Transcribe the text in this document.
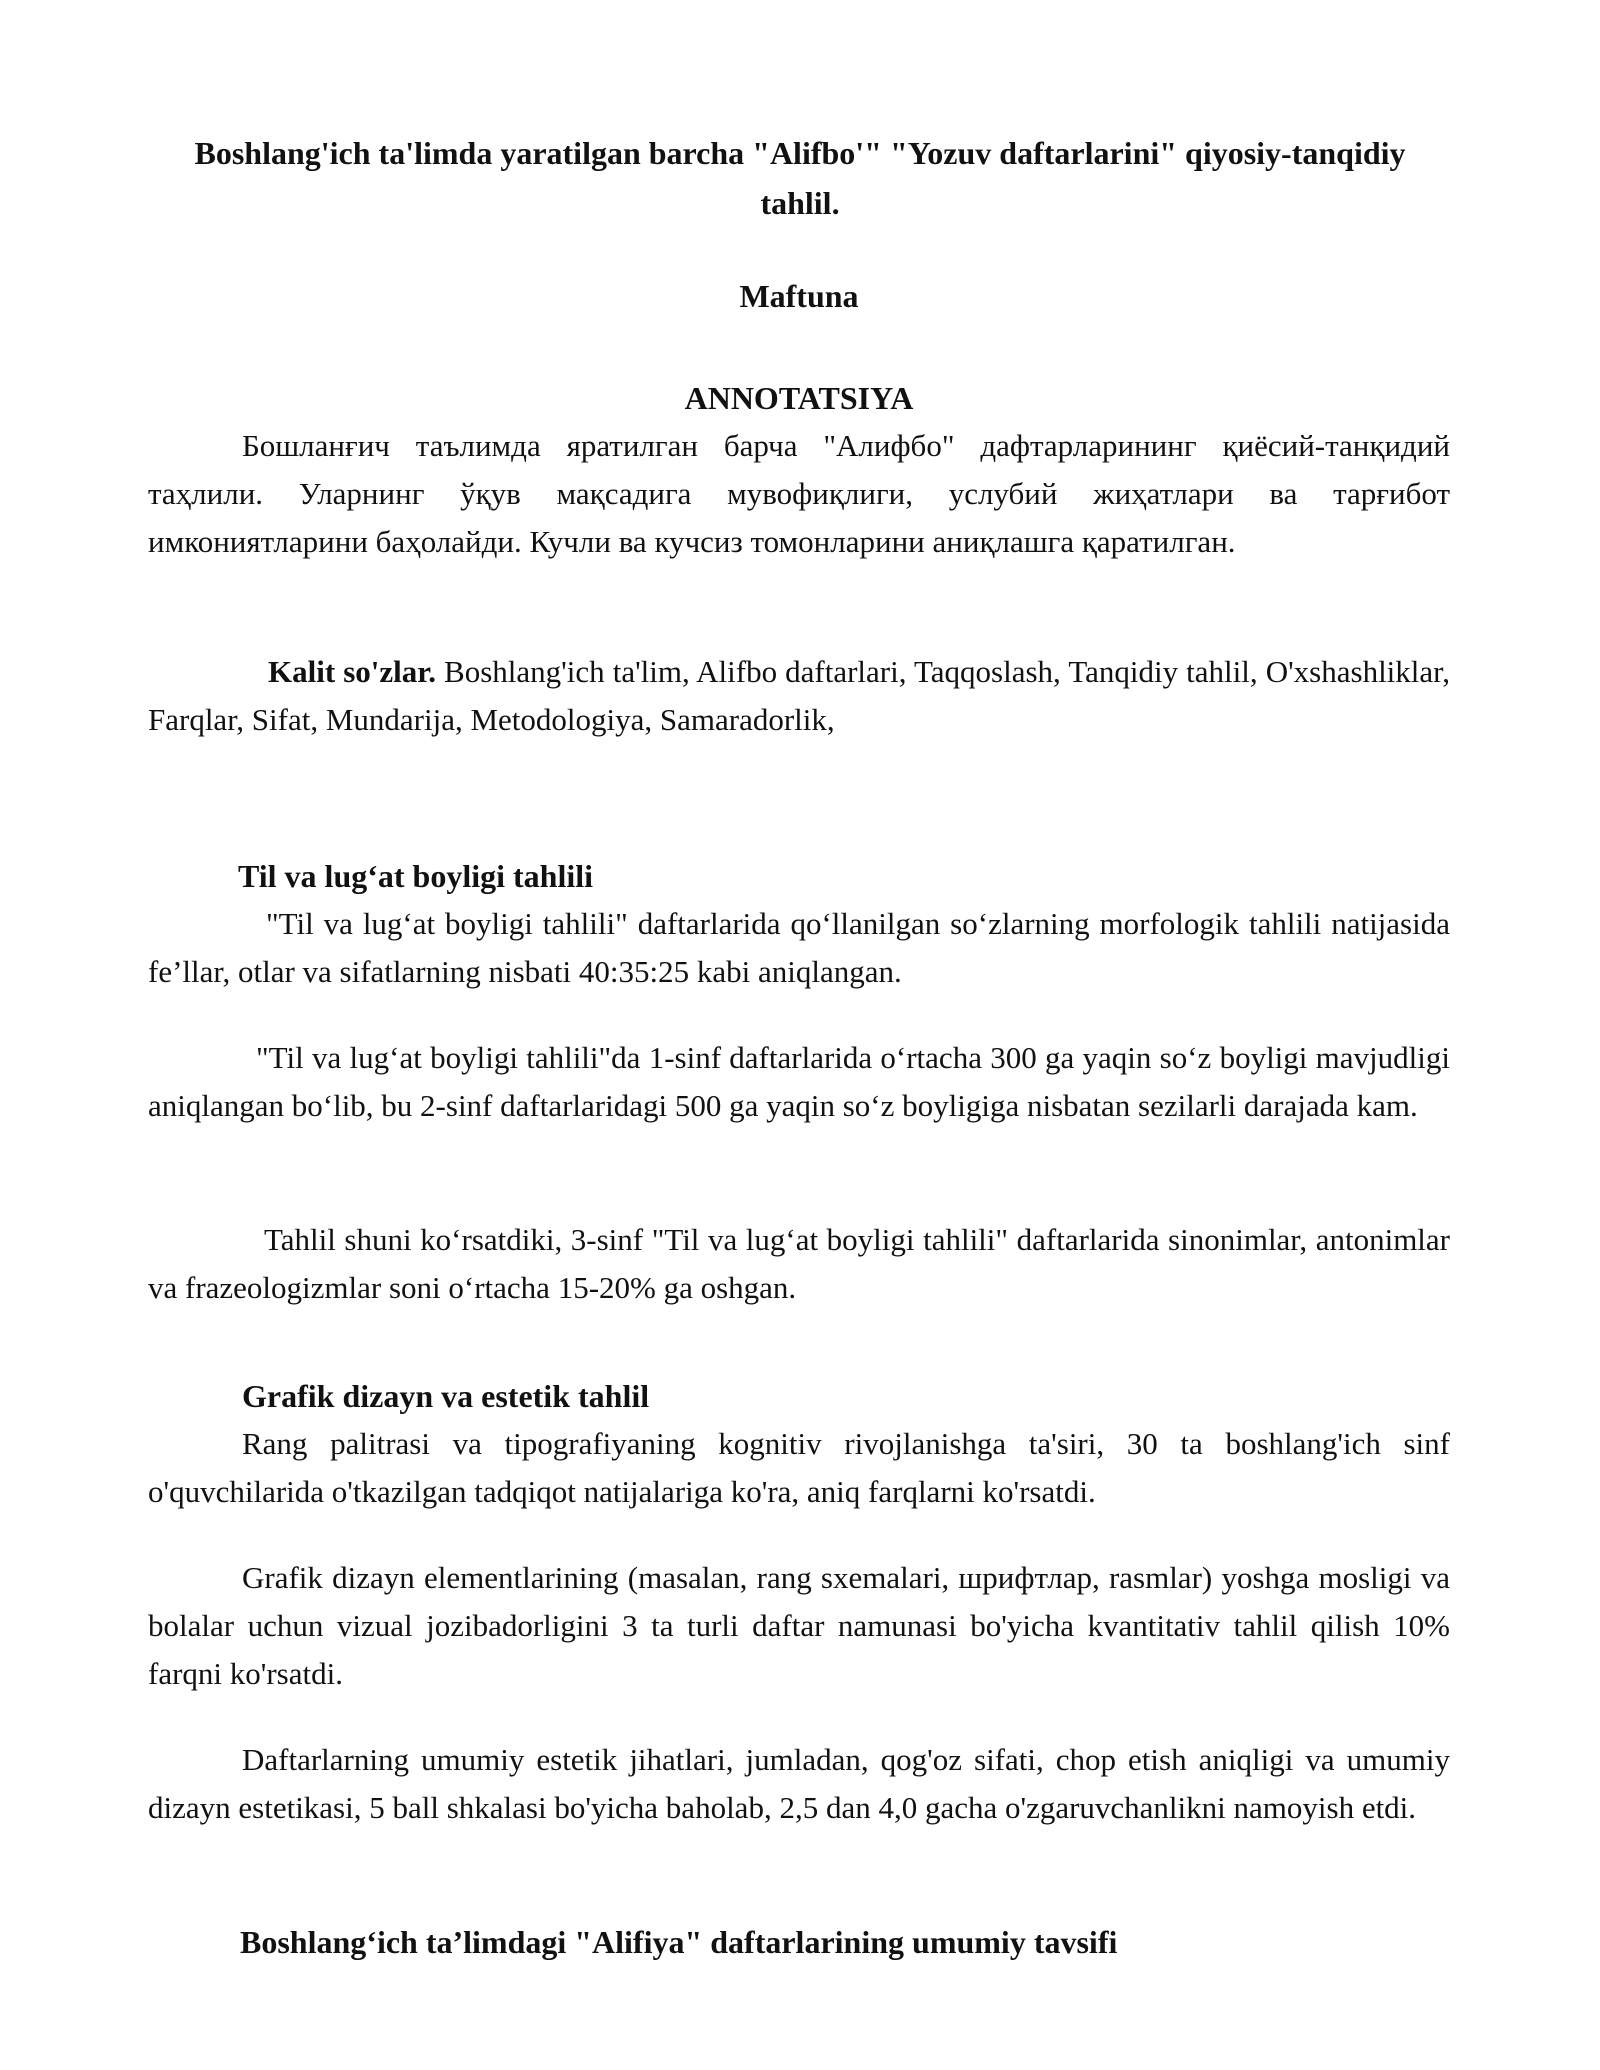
Boshlang'ich ta'limda yaratilgan barcha "Alifbo'" "Yozuv daftarlarini" qiyosiy-tanqidiy tahlil.

Maftuna

ANNOTATSIYA

Бошланғич таълимда яратилган барча "Алифбо" дафтарларининг қиёсий-танқидий таҳлили. Уларнинг ўқув мақсадига мувофиқлиги, услубий жиҳатлари ва тарғибот имкониятларини баҳолайди. Кучли ва кучсиз томонларини аниқлашга қаратилган.

Kalit so'zlar. Boshlang'ich ta'lim, Alifbo daftarlari, Taqqoslash, Tanqidiy tahlil, O'xshashliklar, Farqlar, Sifat, Mundarija, Metodologiya, Samaradorlik,

Til va lug‘at boyligi tahlili

"Til va lug‘at boyligi tahlili" daftarlarida qo‘llanilgan so‘zlarning morfologik tahlili natijasida fe’llar, otlar va sifatlarning nisbati 40:35:25 kabi aniqlangan.

"Til va lug‘at boyligi tahlili"da 1-sinf daftarlarida o‘rtacha 300 ga yaqin so‘z boyligi mavjudligi aniqlangan bo‘lib, bu 2-sinf daftarlaridagi 500 ga yaqin so‘z boyligiga nisbatan sezilarli darajada kam.

Tahlil shuni ko‘rsatdiki, 3-sinf "Til va lug‘at boyligi tahlili" daftarlarida sinonimlar, antonimlar va frazeologizmlar soni o‘rtacha 15-20% ga oshgan.

Grafik dizayn va estetik tahlil

Rang palitrasi va tipografiyaning kognitiv rivojlanishga ta'siri, 30 ta boshlang'ich sinf o'quvchilarida o'tkazilgan tadqiqot natijalariga ko'ra, aniq farqlarni ko'rsatdi.

Grafik dizayn elementlarining (masalan, rang sxemalari, шрифтлар, rasmlar) yoshga mosligi va bolalar uchun vizual jozibadorligini 3 ta turli daftar namunasi bo'yicha kvantitativ tahlil qilish 10% farqni ko'rsatdi.

Daftarlarning umumiy estetik jihatlari, jumladan, qog'oz sifati, chop etish aniqligi va umumiy dizayn estetikasi, 5 ball shkalasi bo'yicha baholab, 2,5 dan 4,0 gacha o'zgaruvchanlikni namoyish etdi.

Boshlang‘ich ta’limdagi "Alifiya" daftarlarining umumiy tavsifi
